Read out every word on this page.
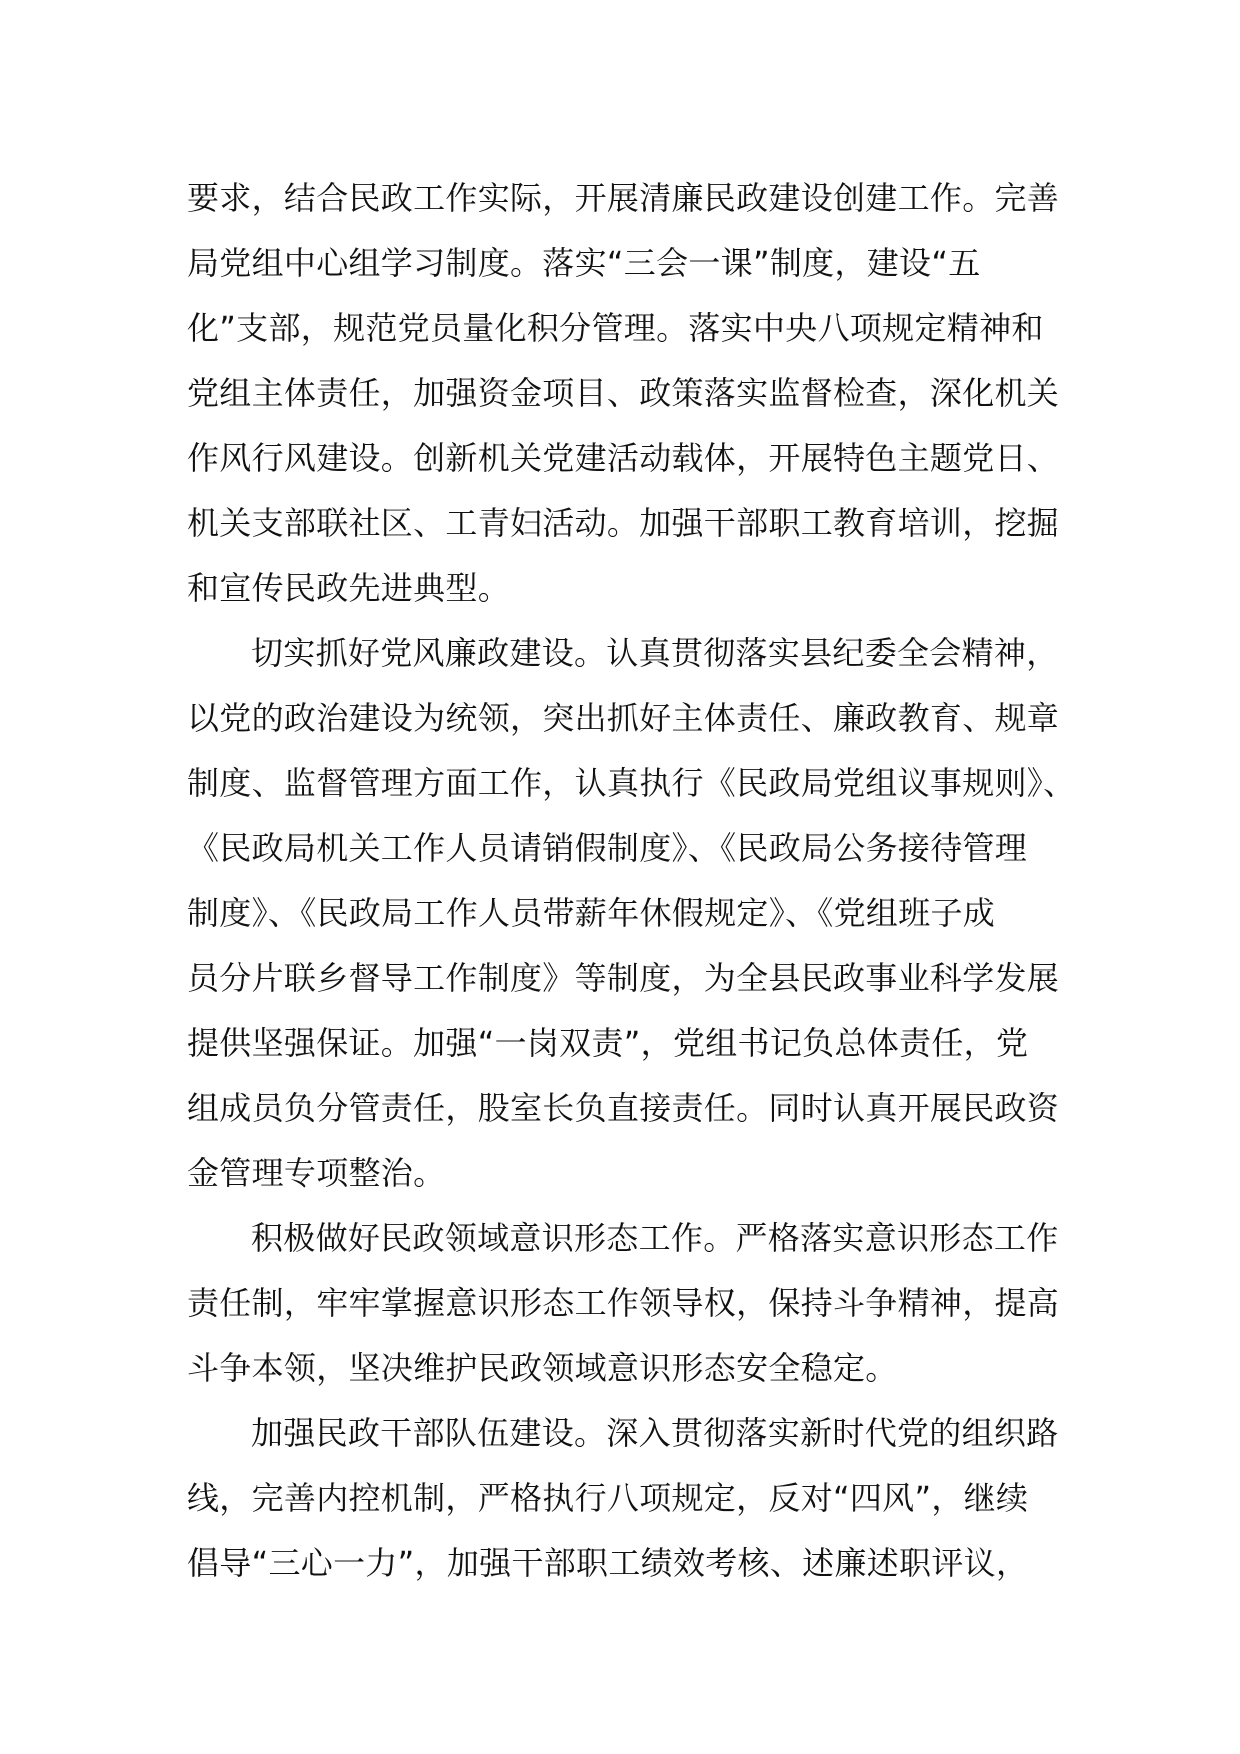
要求，结合民政工作实际，开展清廉民政建设创建工作。完善
局党组中心组学习制度。落实“三会一课”制度，建设“五
化”支部，规范党员量化积分管理。落实中央八项规定精神和
党组主体责任，加强资金项目、政策落实监督检查，深化机关
作风行风建设。创新机关党建活动载体，开展特色主题党日、
机关支部联社区、工青妇活动。加强干部职工教育培训，挖掘
和宣传民政先进典型。
切实抓好党风廉政建设。认真贯彻落实县纪委全会精神，
以党的政治建设为统领，突出抓好主体责任、廉政教育、规章
制度、监督管理方面工作，认真执行《民政局党组议事规则》、
《民政局机关工作人员请销假制度》、《民政局公务接待管理
制度》、《民政局工作人员带薪年休假规定》、《党组班子成
员分片联乡督导工作制度》等制度，为全县民政事业科学发展
提供坚强保证。加强“一岗双责”，党组书记负总体责任，党
组成员负分管责任，股室长负直接责任。同时认真开展民政资
金管理专项整治。
积极做好民政领域意识形态工作。严格落实意识形态工作
责任制，牢牢掌握意识形态工作领导权，保持斗争精神，提高
斗争本领，坚决维护民政领域意识形态安全稳定。
加强民政干部队伍建设。深入贯彻落实新时代党的组织路
线，完善内控机制，严格执行八项规定，反对“四风”，继续
倡导“三心一力”，加强干部职工绩效考核、述廉述职评议，
